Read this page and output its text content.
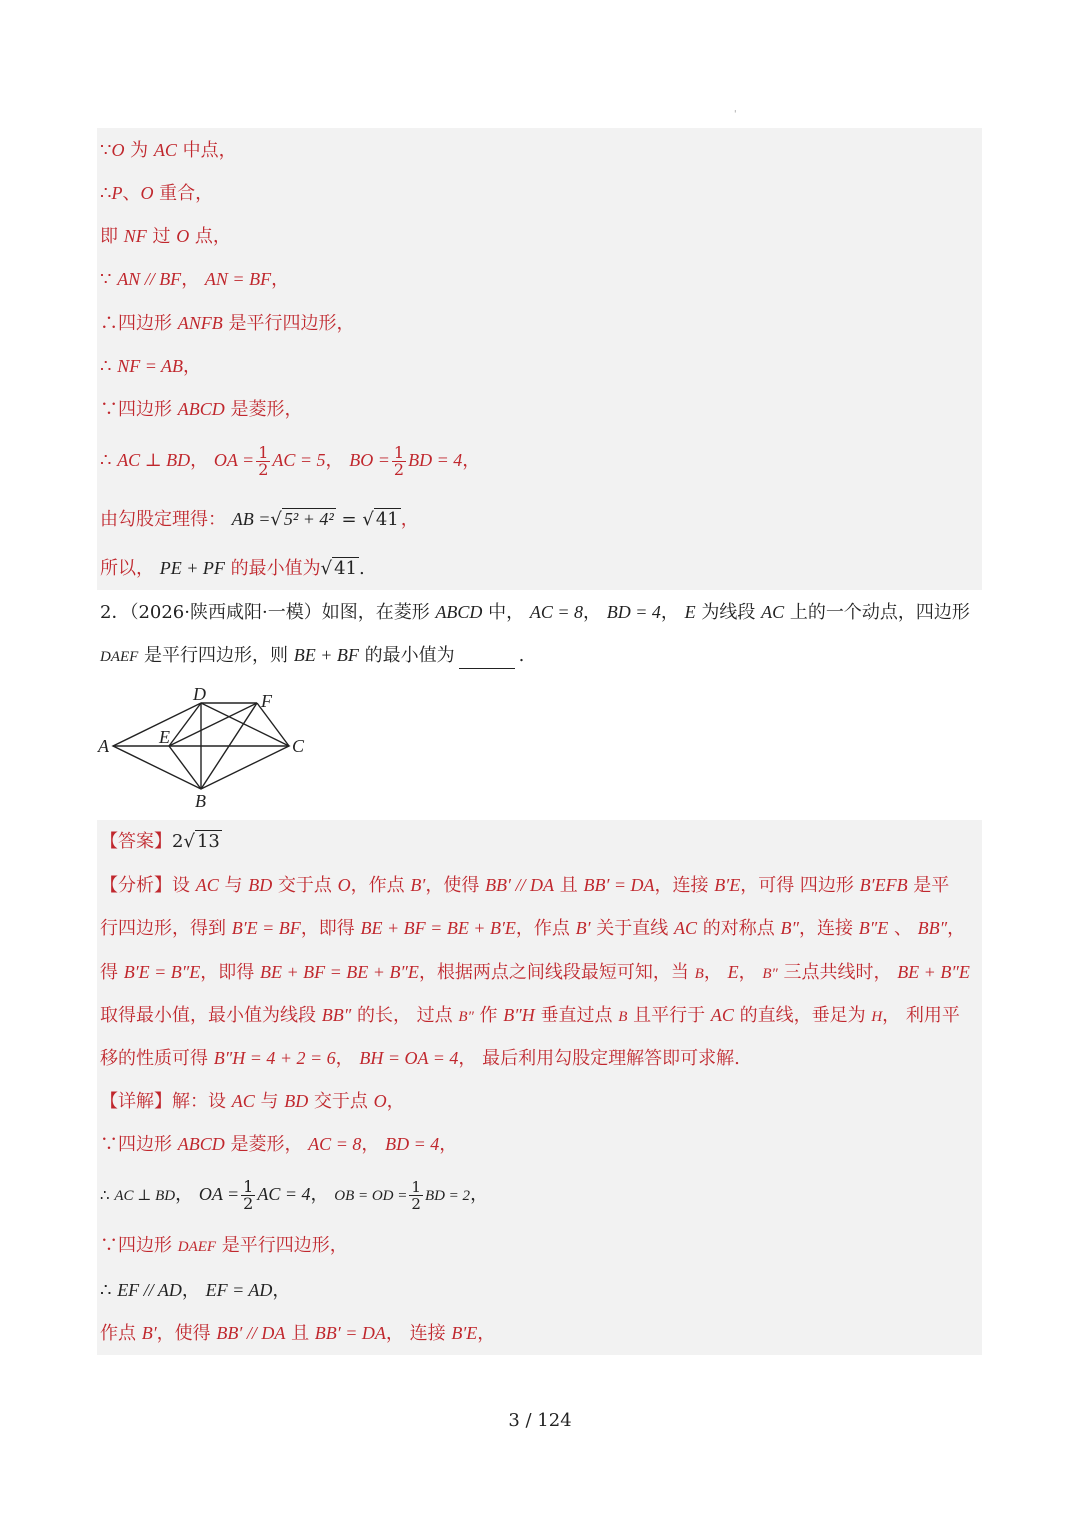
'
∵O 为 AC 中点，
∴P、O 重合，
即 NF 过 O 点，
∵ AN // BF， AN = BF，
∴四边形 ANFB 是平行四边形，
∴ NF = AB，
∵四边形 ABCD 是菱形，
∴ AC ⊥ BD， OA = $\frac{1}{2}$ AC = 5， BO = $\frac{1}{2}$ BD = 4，
由勾股定理得： AB =√ 5² + 4² = √ 41 ，
所以， PE + PF 的最小值为√ 41 .
2．（2026·陕西咸阳·一模）如图，在菱形 ABCD 中， AC = 8， BD = 4， E 为线段 AC 上的一个动点，四边形
DAEF 是平行四边形，则 BE + BF 的最小值为	.
D	F
A	E	C
B
【答案】2√ 13
【分析】设 AC 与 BD 交于点 O，作点 B′，使得 BB′ // DA 且 BB′ = DA，连接 B′E，可得 四边形 B′EFB 是平
行四边形，得到 B′E = BF，即得 BE + BF = BE + B′E，作点 B′ 关于直线 AC 的对称点 B″，连接 B″E 、 BB″，
得 B′E = B″E，即得 BE + BF = BE + B″E，根据两点之间线段最短可知，当 B， E， B″ 三点共线时， BE + B″E
取得最小值，最小值为线段 BB″ 的长， 过点 B″ 作 B″H 垂直过点 B 且平行于 AC 的直线，垂足为 H， 利用平
移的性质可得 B″H = 4 + 2 = 6， BH = OA = 4， 最后利用勾股定理解答即可求解.
【详解】解：设 AC 与 BD 交于点 O，
∵四边形 ABCD 是菱形， AC = 8， BD = 4，
∴ AC ⊥ BD， OA = $\frac{1}{2}$ AC = 4， OB = OD = $\frac{1}{2}$ BD = 2，
∵四边形 DAEF 是平行四边形，
∴ EF // AD， EF = AD，
作点 B′，使得 BB′ // DA 且 BB′ = DA， 连接 B′E，
3 / 124
